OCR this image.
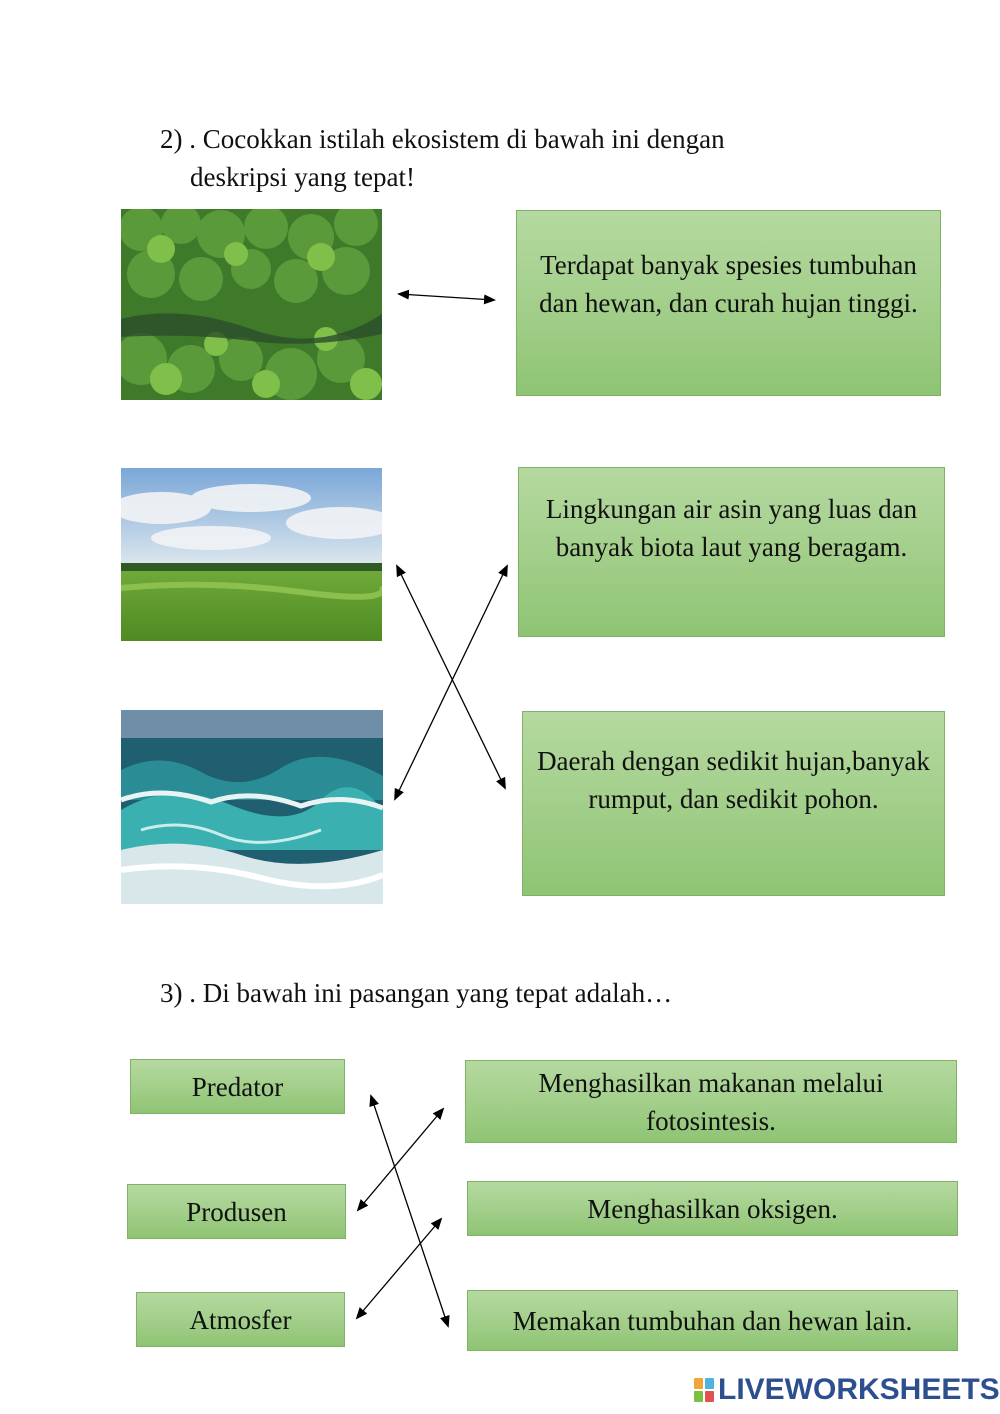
2) . Cocokkan istilah ekosistem di bawah ini dengan
deskripsi yang tepat!

Terdapat banyak spesies tumbuhan dan hewan, dan curah hujan tinggi.
Lingkungan air asin yang luas dan banyak biota laut yang beragam.
Daerah dengan sedikit hujan,banyak rumput, dan sedikit pohon.

3) . Di bawah ini pasangan yang tepat adalah…

Predator
Produsen
Atmosfer
Menghasilkan makanan melalui fotosintesis.
Menghasilkan oksigen.
Memakan tumbuhan dan hewan lain.
LIVEWORKSHEETS
